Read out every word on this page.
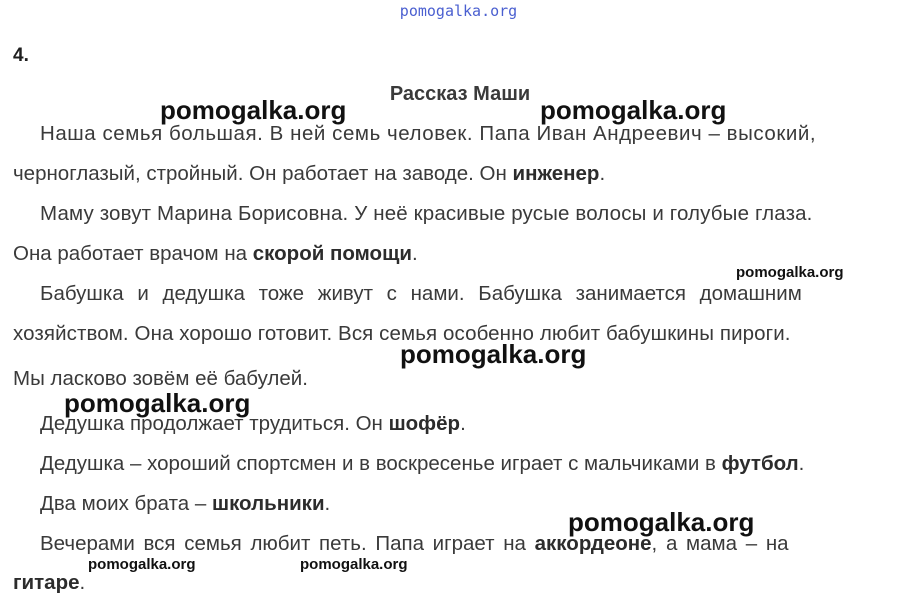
pomogalka.org
4.
Рассказ Маши
Наша семья большая. В ней семь человек. Папа Иван Андреевич – высокий,
черноглазый, стройный. Он работает на заводе. Он инженер.
Маму зовут Марина Борисовна. У неё красивые русые волосы и голубые глаза.
Она работает врачом на скорой помощи.
Бабушка и дедушка тоже живут с нами. Бабушка занимается домашним
хозяйством. Она хорошо готовит. Вся семья особенно любит бабушкины пироги.
Мы ласково зовём её бабулей.
Дедушка продолжает трудиться. Он шофёр.
Дедушка – хороший спортсмен и в воскресенье играет с мальчиками в футбол.
Два моих брата – школьники.
Вечерами вся семья любит петь. Папа играет на аккордеоне, а мама – на
гитаре.
pomogalka.org	pomogalka.org
pomogalka.org
pomogalka.org
pomogalka.org
pomogalka.org
pomogalka.org	pomogalka.org
